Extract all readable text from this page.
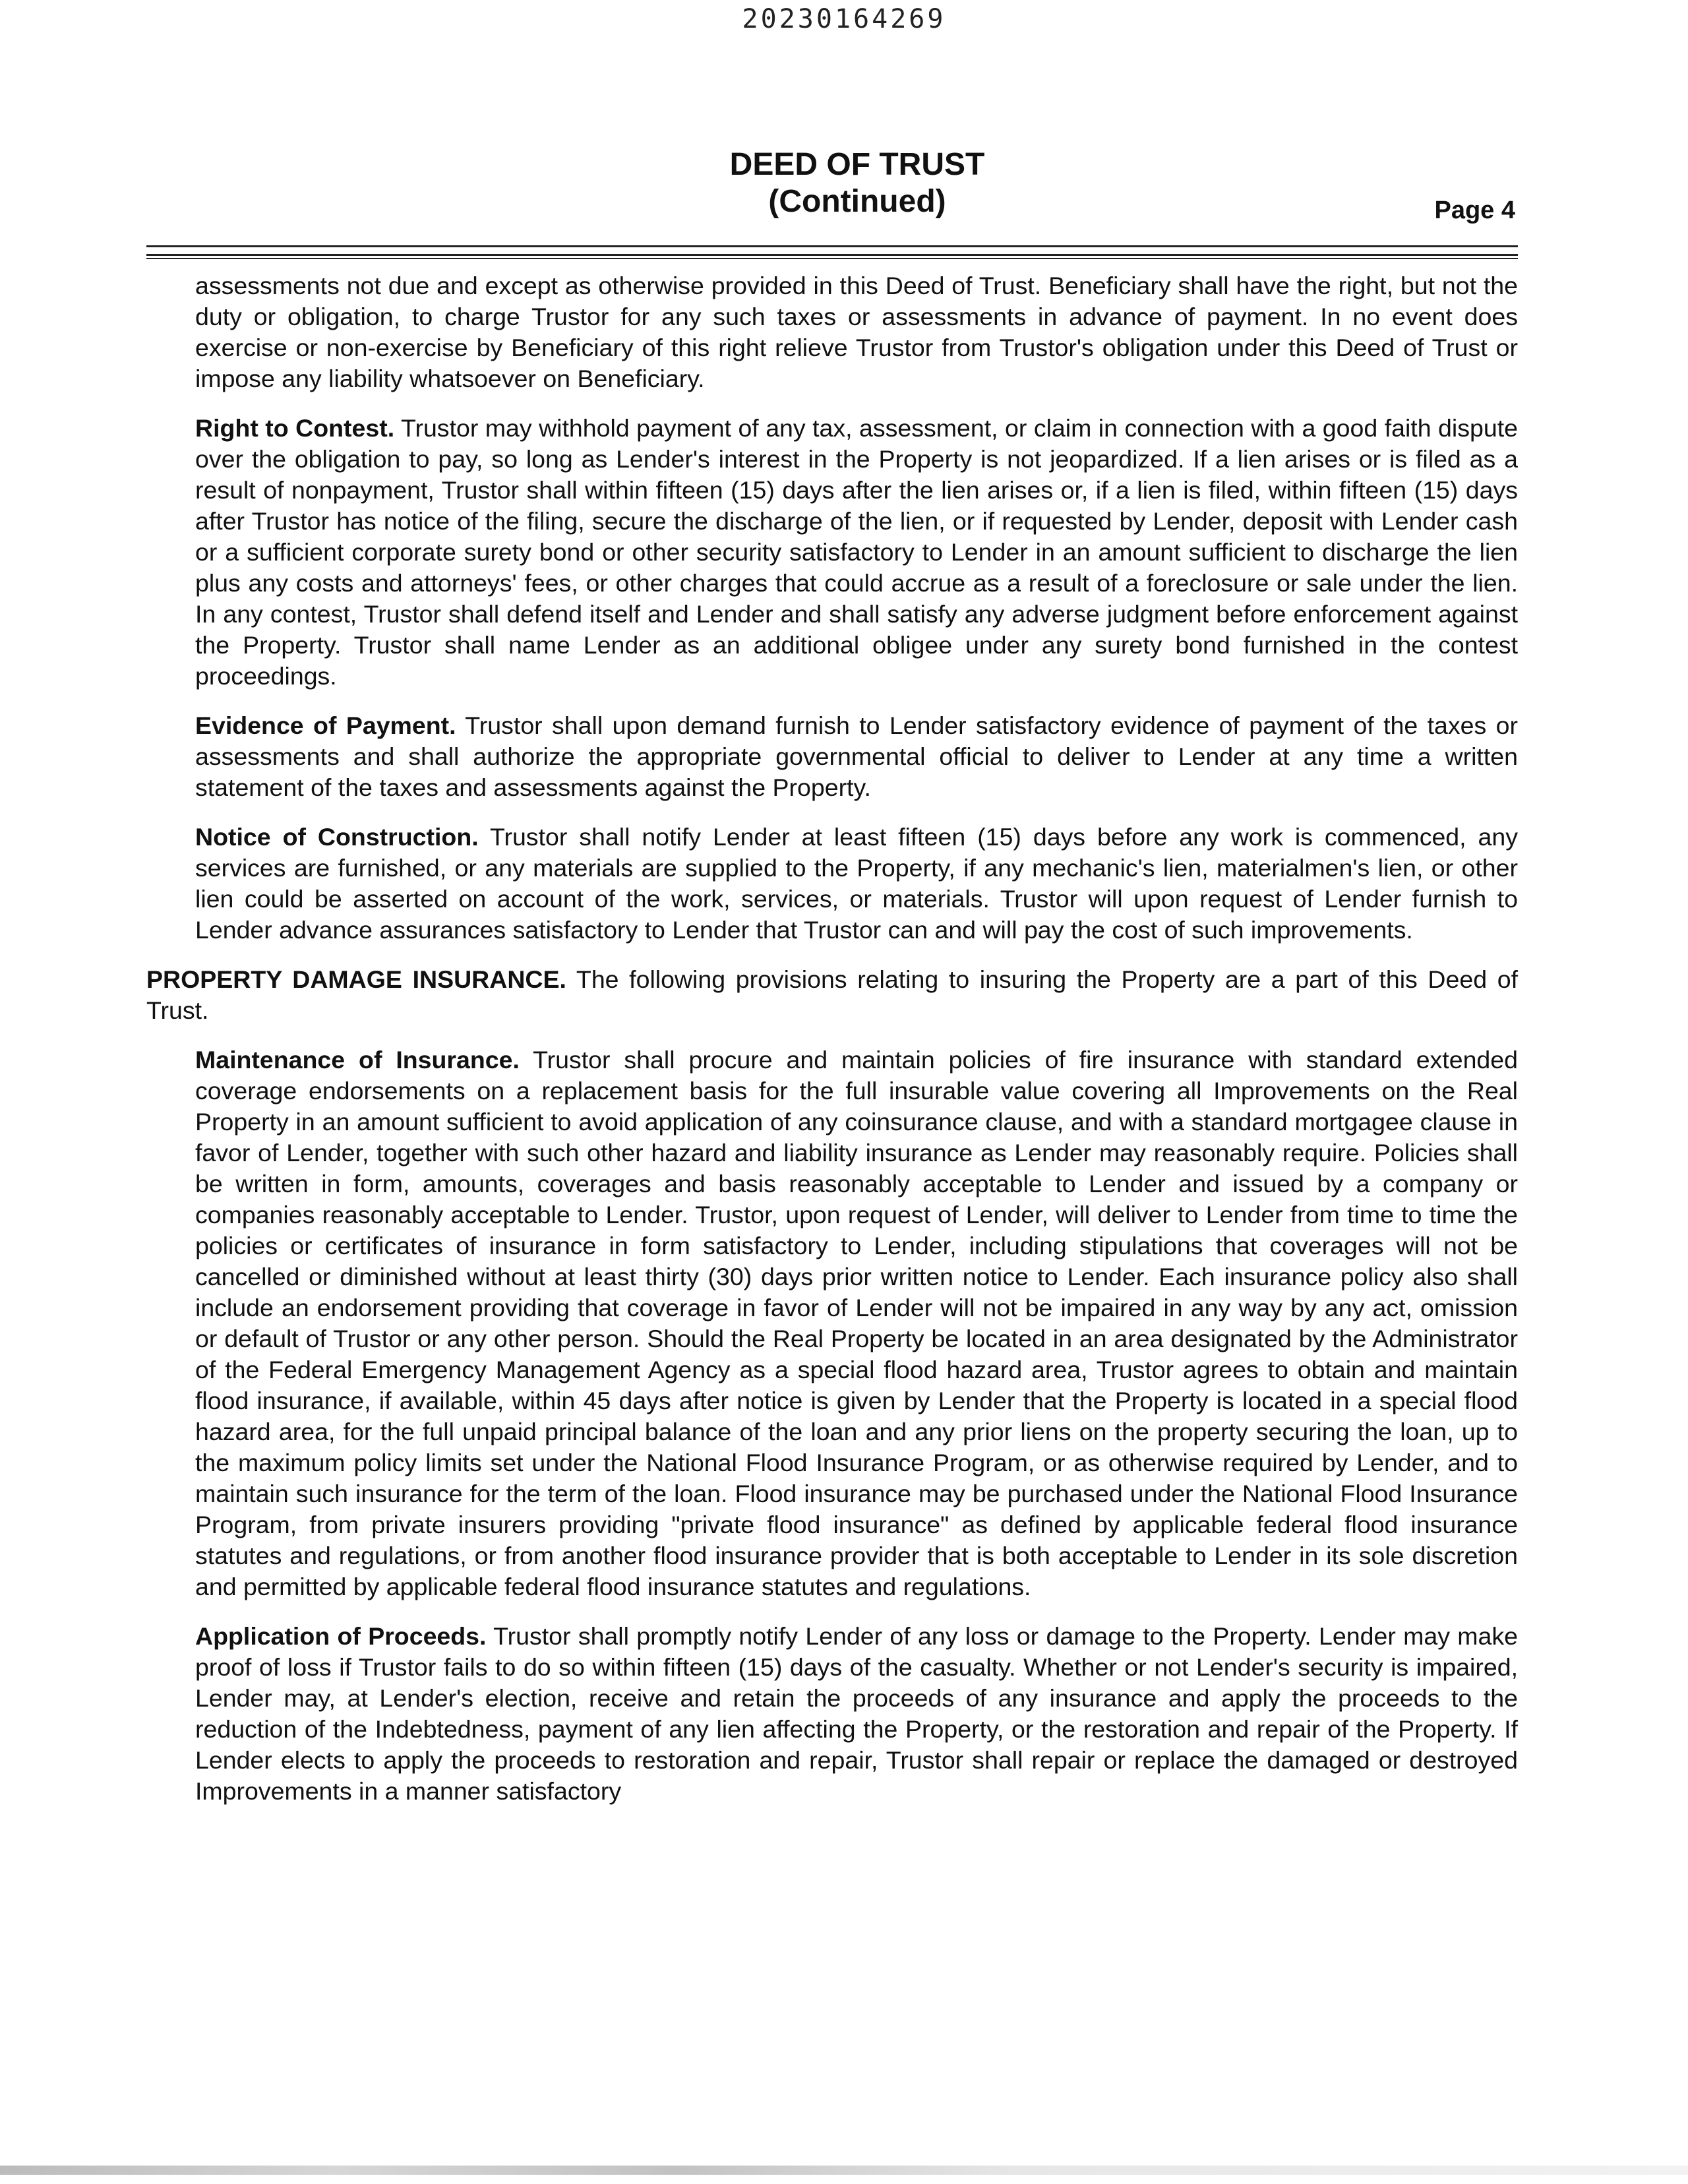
20230164269
DEED OF TRUST
(Continued)	Page 4

assessments not due and except as otherwise provided in this Deed of Trust. Beneficiary shall have the right, but not the duty or obligation, to charge Trustor for any such taxes or assessments in advance of payment. In no event does exercise or non-exercise by Beneficiary of this right relieve Trustor from Trustor's obligation under this Deed of Trust or impose any liability whatsoever on Beneficiary.

Right to Contest. Trustor may withhold payment of any tax, assessment, or claim in connection with a good faith dispute over the obligation to pay, so long as Lender's interest in the Property is not jeopardized. If a lien arises or is filed as a result of nonpayment, Trustor shall within fifteen (15) days after the lien arises or, if a lien is filed, within fifteen (15) days after Trustor has notice of the filing, secure the discharge of the lien, or if requested by Lender, deposit with Lender cash or a sufficient corporate surety bond or other security satisfactory to Lender in an amount sufficient to discharge the lien plus any costs and attorneys' fees, or other charges that could accrue as a result of a foreclosure or sale under the lien. In any contest, Trustor shall defend itself and Lender and shall satisfy any adverse judgment before enforcement against the Property. Trustor shall name Lender as an additional obligee under any surety bond furnished in the contest proceedings.

Evidence of Payment. Trustor shall upon demand furnish to Lender satisfactory evidence of payment of the taxes or assessments and shall authorize the appropriate governmental official to deliver to Lender at any time a written statement of the taxes and assessments against the Property.

Notice of Construction. Trustor shall notify Lender at least fifteen (15) days before any work is commenced, any services are furnished, or any materials are supplied to the Property, if any mechanic's lien, materialmen's lien, or other lien could be asserted on account of the work, services, or materials. Trustor will upon request of Lender furnish to Lender advance assurances satisfactory to Lender that Trustor can and will pay the cost of such improvements.

PROPERTY DAMAGE INSURANCE. The following provisions relating to insuring the Property are a part of this Deed of Trust.

Maintenance of Insurance. Trustor shall procure and maintain policies of fire insurance with standard extended coverage endorsements on a replacement basis for the full insurable value covering all Improvements on the Real Property in an amount sufficient to avoid application of any coinsurance clause, and with a standard mortgagee clause in favor of Lender, together with such other hazard and liability insurance as Lender may reasonably require. Policies shall be written in form, amounts, coverages and basis reasonably acceptable to Lender and issued by a company or companies reasonably acceptable to Lender. Trustor, upon request of Lender, will deliver to Lender from time to time the policies or certificates of insurance in form satisfactory to Lender, including stipulations that coverages will not be cancelled or diminished without at least thirty (30) days prior written notice to Lender. Each insurance policy also shall include an endorsement providing that coverage in favor of Lender will not be impaired in any way by any act, omission or default of Trustor or any other person. Should the Real Property be located in an area designated by the Administrator of the Federal Emergency Management Agency as a special flood hazard area, Trustor agrees to obtain and maintain flood insurance, if available, within 45 days after notice is given by Lender that the Property is located in a special flood hazard area, for the full unpaid principal balance of the loan and any prior liens on the property securing the loan, up to the maximum policy limits set under the National Flood Insurance Program, or as otherwise required by Lender, and to maintain such insurance for the term of the loan. Flood insurance may be purchased under the National Flood Insurance Program, from private insurers providing "private flood insurance" as defined by applicable federal flood insurance statutes and regulations, or from another flood insurance provider that is both acceptable to Lender in its sole discretion and permitted by applicable federal flood insurance statutes and regulations.

Application of Proceeds. Trustor shall promptly notify Lender of any loss or damage to the Property. Lender may make proof of loss if Trustor fails to do so within fifteen (15) days of the casualty. Whether or not Lender's security is impaired, Lender may, at Lender's election, receive and retain the proceeds of any insurance and apply the proceeds to the reduction of the Indebtedness, payment of any lien affecting the Property, or the restoration and repair of the Property. If Lender elects to apply the proceeds to restoration and repair, Trustor shall repair or replace the damaged or destroyed Improvements in a manner satisfactory
